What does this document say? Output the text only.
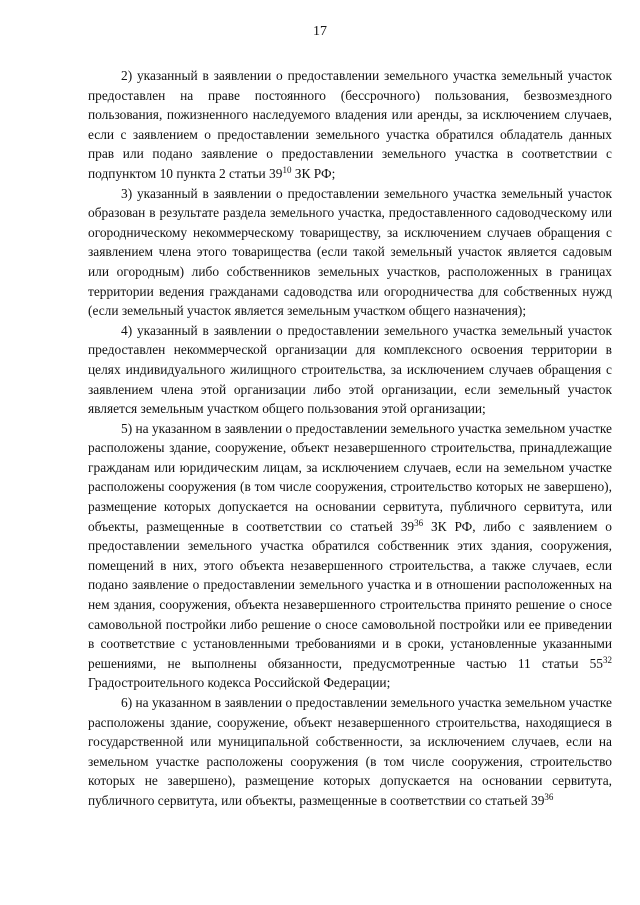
17

2) указанный в заявлении о предоставлении земельного участка земельный участок предоставлен на праве постоянного (бессрочного) пользования, безвозмездного пользования, пожизненного наследуемого владения или аренды, за исключением случаев, если с заявлением о предоставлении земельного участка обратился обладатель данных прав или подано заявление о предоставлении земельного участка в соответствии с подпунктом 10 пункта 2 статьи $39^{10}$ ЗК РФ;

3) указанный в заявлении о предоставлении земельного участка земельный участок образован в результате раздела земельного участка, предоставленного садоводческому или огородническому некоммерческому товариществу, за исключением случаев обращения с заявлением члена этого товарищества (если такой земельный участок является садовым или огородным) либо собственников земельных участков, расположенных в границах территории ведения гражданами садоводства или огородничества для собственных нужд (если земельный участок является земельным участком общего назначения);

4) указанный в заявлении о предоставлении земельного участка земельный участок предоставлен некоммерческой организации для комплексного освоения территории в целях индивидуального жилищного строительства, за исключением случаев обращения с заявлением члена этой организации либо этой организации, если земельный участок является земельным участком общего пользования этой организации;

5) на указанном в заявлении о предоставлении земельного участка земельном участке расположены здание, сооружение, объект незавершенного строительства, принадлежащие гражданам или юридическим лицам, за исключением случаев, если на земельном участке расположены сооружения (в том числе сооружения, строительство которых не завершено), размещение которых допускается на основании сервитута, публичного сервитута, или объекты, размещенные в соответствии со статьей $39^{36}$ ЗК РФ, либо с заявлением о предоставлении земельного участка обратился собственник этих здания, сооружения, помещений в них, этого объекта незавершенного строительства, а также случаев, если подано заявление о предоставлении земельного участка и в отношении расположенных на нем здания, сооружения, объекта незавершенного строительства принято решение о сносе самовольной постройки либо решение о сносе самовольной постройки или ее приведении в соответствие с установленными требованиями и в сроки, установленные указанными решениями, не выполнены обязанности, предусмотренные частью 11 статьи $55^{32}$ Градостроительного кодекса Российской Федерации;

6) на указанном в заявлении о предоставлении земельного участка земельном участке расположены здание, сооружение, объект незавершенного строительства, находящиеся в государственной или муниципальной собственности, за исключением случаев, если на земельном участке расположены сооружения (в том числе сооружения, строительство которых не завершено), размещение которых допускается на основании сервитута, публичного сервитута, или объекты, размещенные в соответствии со статьей $39^{36}$
